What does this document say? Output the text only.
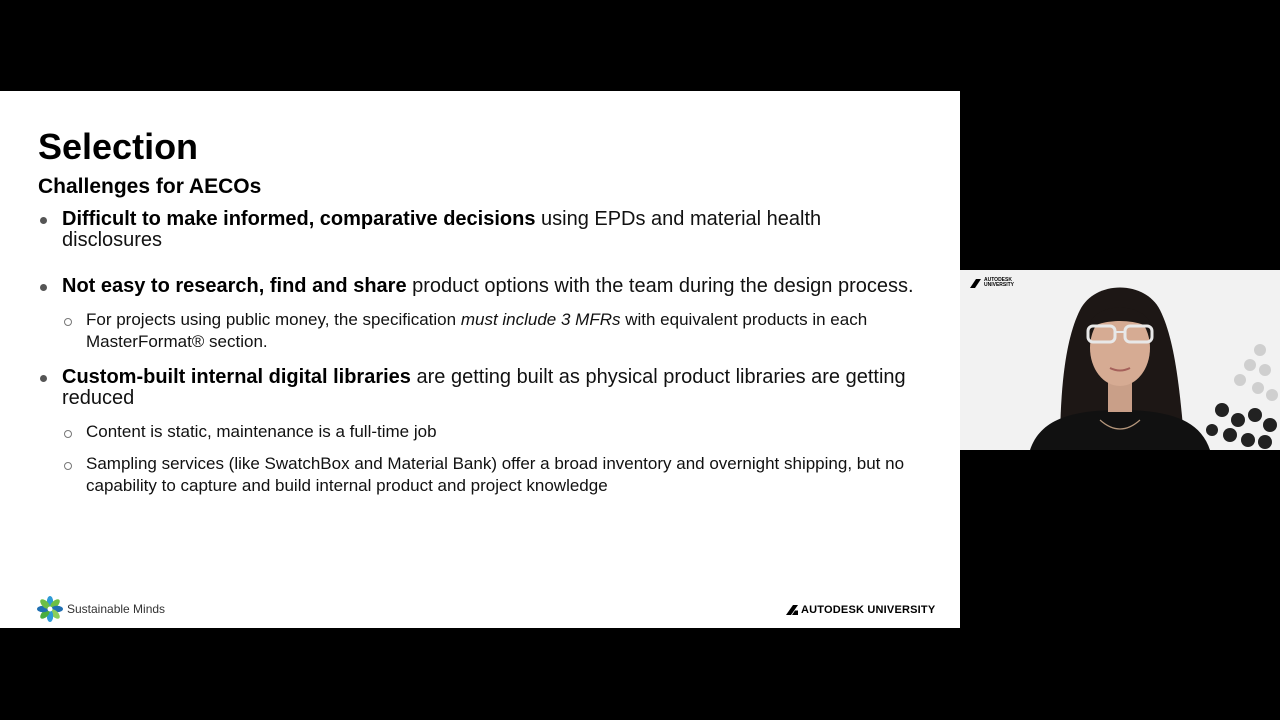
Selection
Challenges for AECOs
Difficult to make informed, comparative decisions using EPDs and material health disclosures
Not easy to research, find and share product options with the team during the design process.
For projects using public money, the specification must include 3 MFRs with equivalent products in each MasterFormat® section.
Custom-built internal digital libraries are getting built as physical product libraries are getting reduced
Content is static, maintenance is a full-time job
Sampling services (like SwatchBox and Material Bank) offer a broad inventory and overnight shipping, but no capability to capture and build internal product and project knowledge
Sustainable Minds	AUTODESK UNIVERSITY
AUTODESK
UNIVERSITY
